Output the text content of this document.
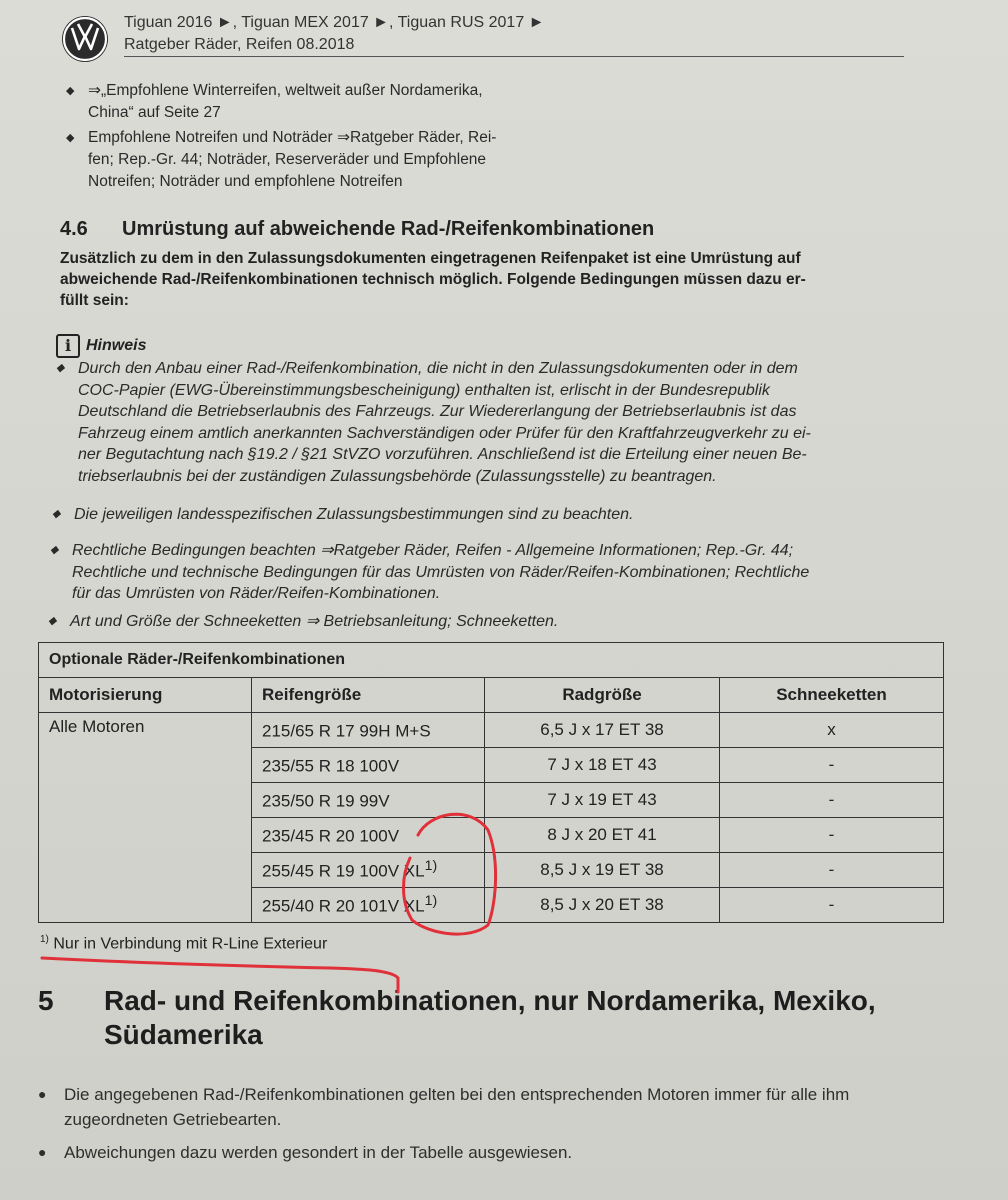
Tiguan 2016 ►, Tiguan MEX 2017 ►, Tiguan RUS 2017 ►
Ratgeber Räder, Reifen 08.2018
◆ ⇒„Empfohlene Winterreifen, weltweit außer Nordamerika,
China“ auf Seite 27
◆ Empfohlene Notreifen und Noträder ⇒Ratgeber Räder, Rei-
fen; Rep.-Gr. 44; Noträder, Reserveräder und Empfohlene
Notreifen; Noträder und empfohlene Notreifen
4.6 Umrüstung auf abweichende Rad-/Reifenkombinationen
Zusätzlich zu dem in den Zulassungsdokumenten eingetragenen Reifenpaket ist eine Umrüstung auf
abweichende Rad-/Reifenkombinationen technisch möglich. Folgende Bedingungen müssen dazu er-
füllt sein:
i Hinweis
◆ Durch den Anbau einer Rad-/Reifenkombination, die nicht in den Zulassungsdokumenten oder in dem
COC-Papier (EWG-Übereinstimmungsbescheinigung) enthalten ist, erlischt in der Bundesrepublik
Deutschland die Betriebserlaubnis des Fahrzeugs. Zur Wiedererlangung der Betriebserlaubnis ist das
Fahrzeug einem amtlich anerkannten Sachverständigen oder Prüfer für den Kraftfahrzeugverkehr zu ei-
ner Begutachtung nach §19.2 / §21 StVZO vorzuführen. Anschließend ist die Erteilung einer neuen Be-
triebserlaubnis bei der zuständigen Zulassungsbehörde (Zulassungsstelle) zu beantragen.
◆ Die jeweiligen landesspezifischen Zulassungsbestimmungen sind zu beachten.
◆ Rechtliche Bedingungen beachten ⇒Ratgeber Räder, Reifen - Allgemeine Informationen; Rep.-Gr. 44;
Rechtliche und technische Bedingungen für das Umrüsten von Räder/Reifen-Kombinationen; Rechtliche
für das Umrüsten von Räder/Reifen-Kombinationen.
◆ Art und Größe der Schneeketten ⇒ Betriebsanleitung; Schneeketten.
Optionale Räder-/Reifenkombinationen			
Motorisierung	Reifengröße	Radgröße	Schneeketten
Alle Motoren	215/65 R 17 99H M+S	6,5 J x 17 ET 38	x
	235/55 R 18 100V	7 J x 18 ET 43	-
	235/50 R 19 99V	7 J x 19 ET 43	-
	235/45 R 20 100V	8 J x 20 ET 41	-
	255/45 R 19 100V XL$^{1)}$	8,5 J x 19 ET 38	-
	255/40 R 20 101V XL$^{1)}$	8,5 J x 20 ET 38	-
$^{1)}$ Nur in Verbindung mit R-Line Exterieur
5 Rad- und Reifenkombinationen, nur Nordamerika, Mexiko,
Südamerika
● Die angegebenen Rad-/Reifenkombinationen gelten bei den entsprechenden Motoren immer für alle ihm
zugeordneten Getriebearten.
● Abweichungen dazu werden gesondert in der Tabelle ausgewiesen.
